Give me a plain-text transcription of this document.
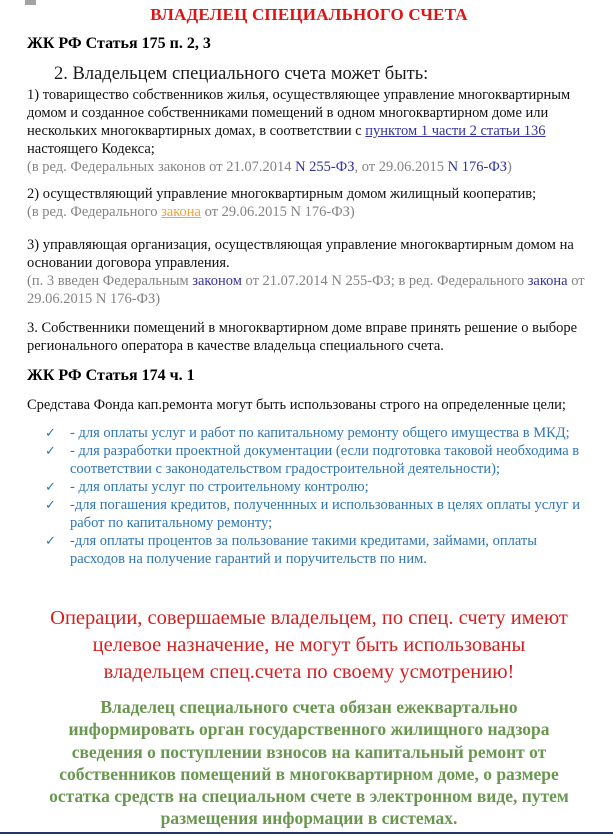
ВЛАДЕЛЕЦ СПЕЦИАЛЬНОГО СЧЕТА
ЖК РФ Статья 175 п. 2, 3

2. Владельцем специального счета может быть:

1) товарищество собственников жилья, осуществляющее управление многоквартирным домом и созданное собственниками помещений в одном многоквартирном доме или нескольких многоквартирных домах, в соответствии с пунктом 1 части 2 статьи 136 настоящего Кодекса;
(в ред. Федеральных законов от 21.07.2014 N 255-ФЗ, от 29.06.2015 N 176-ФЗ)

2) осуществляющий управление многоквартирным домом жилищный кооператив;
(в ред. Федерального закона от 29.06.2015 N 176-ФЗ)

3) управляющая организация, осуществляющая управление многоквартирным домом на основании договора управления.
(п. 3 введен Федеральным законом от 21.07.2014 N 255-ФЗ; в ред. Федерального закона от 29.06.2015 N 176-ФЗ)

3. Собственники помещений в многоквартирном доме вправе принять решение о выборе регионального оператора в качестве владельца специального счета.

ЖК РФ Статья 174 ч. 1

Средстава Фонда кап.ремонта могут быть использованы строго на определенные цели;

✓ - для оплаты услуг и работ по капитальному ремонту общего имущества в МКД;
✓ - для разработки проектной документации (если подготовка таковой необходима в соответствии с законодательством градостроительной деятельности);
✓ - для оплаты услуг по строительному контролю;
✓ -для погашения кредитов, полученнных и использованных в целях оплаты услуг и работ по капитальному ремонту;
✓ -для оплаты процентов за пользование такими кредитами, займами, оплаты расходов на получение гарантий и поручительств по ним.

Операции, совершаемые владельцем, по спец. счету имеют
целевое назначение, не могут быть использованы
владельцем спец.счета по своему усмотрению!

Владелец специального счета обязан ежеквартально
информировать орган государственного жилищного надзора
сведения о поступлении взносов на капитальный ремонт от
собственников помещений в многоквартирном доме, о размере
остатка средств на специальном счете в электронном виде, путем
размещения информации в системах.
